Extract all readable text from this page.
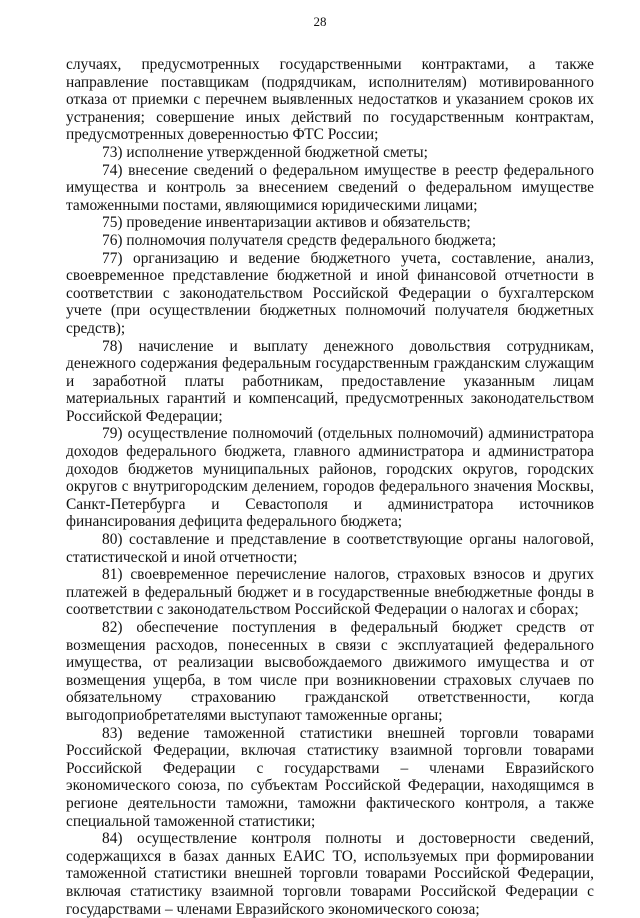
28

случаях, предусмотренных государственными контрактами, а также направление поставщикам (подрядчикам, исполнителям) мотивированного отказа от приемки с перечнем выявленных недостатков и указанием сроков их устранения; совершение иных действий по государственным контрактам, предусмотренных доверенностью ФТС России;

73) исполнение утвержденной бюджетной сметы;

74) внесение сведений о федеральном имуществе в реестр федерального имущества и контроль за внесением сведений о федеральном имуществе таможенными постами, являющимися юридическими лицами;

75) проведение инвентаризации активов и обязательств;

76) полномочия получателя средств федерального бюджета;

77) организацию и ведение бюджетного учета, составление, анализ, своевременное представление бюджетной и иной финансовой отчетности в соответствии с законодательством Российской Федерации о бухгалтерском учете (при осуществлении бюджетных полномочий получателя бюджетных средств);

78) начисление и выплату денежного довольствия сотрудникам, денежного содержания федеральным государственным гражданским служащим и заработной платы работникам, предоставление указанным лицам материальных гарантий и компенсаций, предусмотренных законодательством Российской Федерации;

79) осуществление полномочий (отдельных полномочий) администратора доходов федерального бюджета, главного администратора и администратора доходов бюджетов муниципальных районов, городских округов, городских округов с внутригородским делением, городов федерального значения Москвы, Санкт-Петербурга и Севастополя и администратора источников финансирования дефицита федерального бюджета;

80) составление и представление в соответствующие органы налоговой, статистической и иной отчетности;

81) своевременное перечисление налогов, страховых взносов и других платежей в федеральный бюджет и в государственные внебюджетные фонды в соответствии с законодательством Российской Федерации о налогах и сборах;

82) обеспечение поступления в федеральный бюджет средств от возмещения расходов, понесенных в связи с эксплуатацией федерального имущества, от реализации высвобождаемого движимого имущества и от возмещения ущерба, в том числе при возникновении страховых случаев по обязательному страхованию гражданской ответственности, когда выгодоприобретателями выступают таможенные органы;

83) ведение таможенной статистики внешней торговли товарами Российской Федерации, включая статистику взаимной торговли товарами Российской Федерации с государствами – членами Евразийского экономического союза, по субъектам Российской Федерации, находящимся в регионе деятельности таможни, таможни фактического контроля, а также специальной таможенной статистики;

84) осуществление контроля полноты и достоверности сведений, содержащихся в базах данных ЕАИС ТО, используемых при формировании таможенной статистики внешней торговли товарами Российской Федерации, включая статистику взаимной торговли товарами Российской Федерации с государствами – членами Евразийского экономического союза;
